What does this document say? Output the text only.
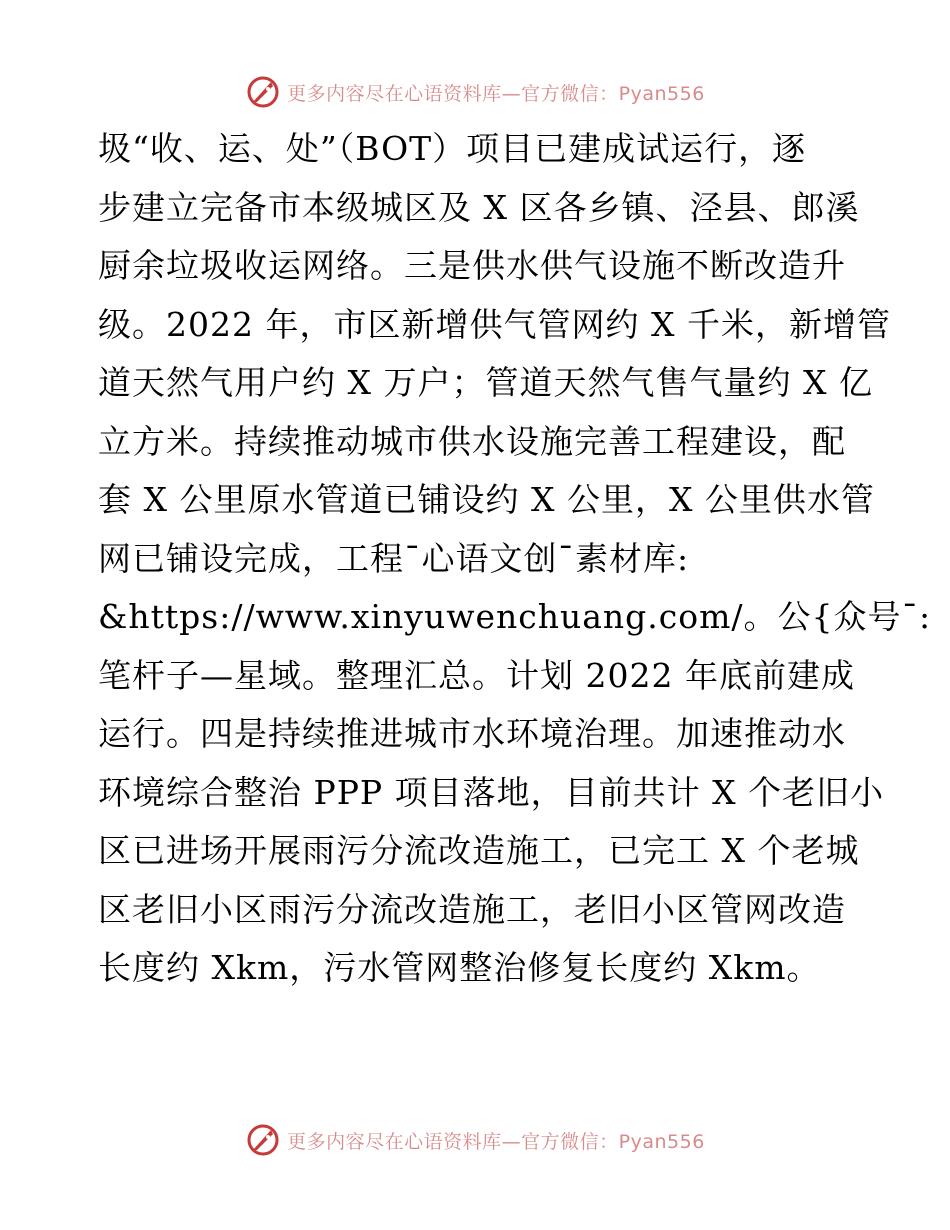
更多内容尽在心语资料库—官方微信：Pyan556
圾“收、运、处”（BOT）项目已建成试运行，逐
步建立完备市本级城区及 X 区各乡镇、泾县、郎溪
厨余垃圾收运网络。三是供水供气设施不断改造升
级。2022 年，市区新增供气管网约 X 千米，新增管
道天然气用户约 X 万户；管道天然气售气量约 X 亿
立方米。持续推动城市供水设施完善工程建设，配
套 X 公里原水管道已铺设约 X 公里，X 公里供水管
网已铺设完成，工程¯心语文创¯素材库:
&https://www.xinyuwenchuang.com/。公{众号¯:
笔杆子—星域。整理汇总。计划 2022 年底前建成
运行。四是持续推进城市水环境治理。加速推动水
环境综合整治 PPP 项目落地，目前共计 X 个老旧小
区已进场开展雨污分流改造施工，已完工 X 个老城
区老旧小区雨污分流改造施工，老旧小区管网改造
长度约 Xkm，污水管网整治修复长度约 Xkm。
更多内容尽在心语资料库—官方微信：Pyan556
